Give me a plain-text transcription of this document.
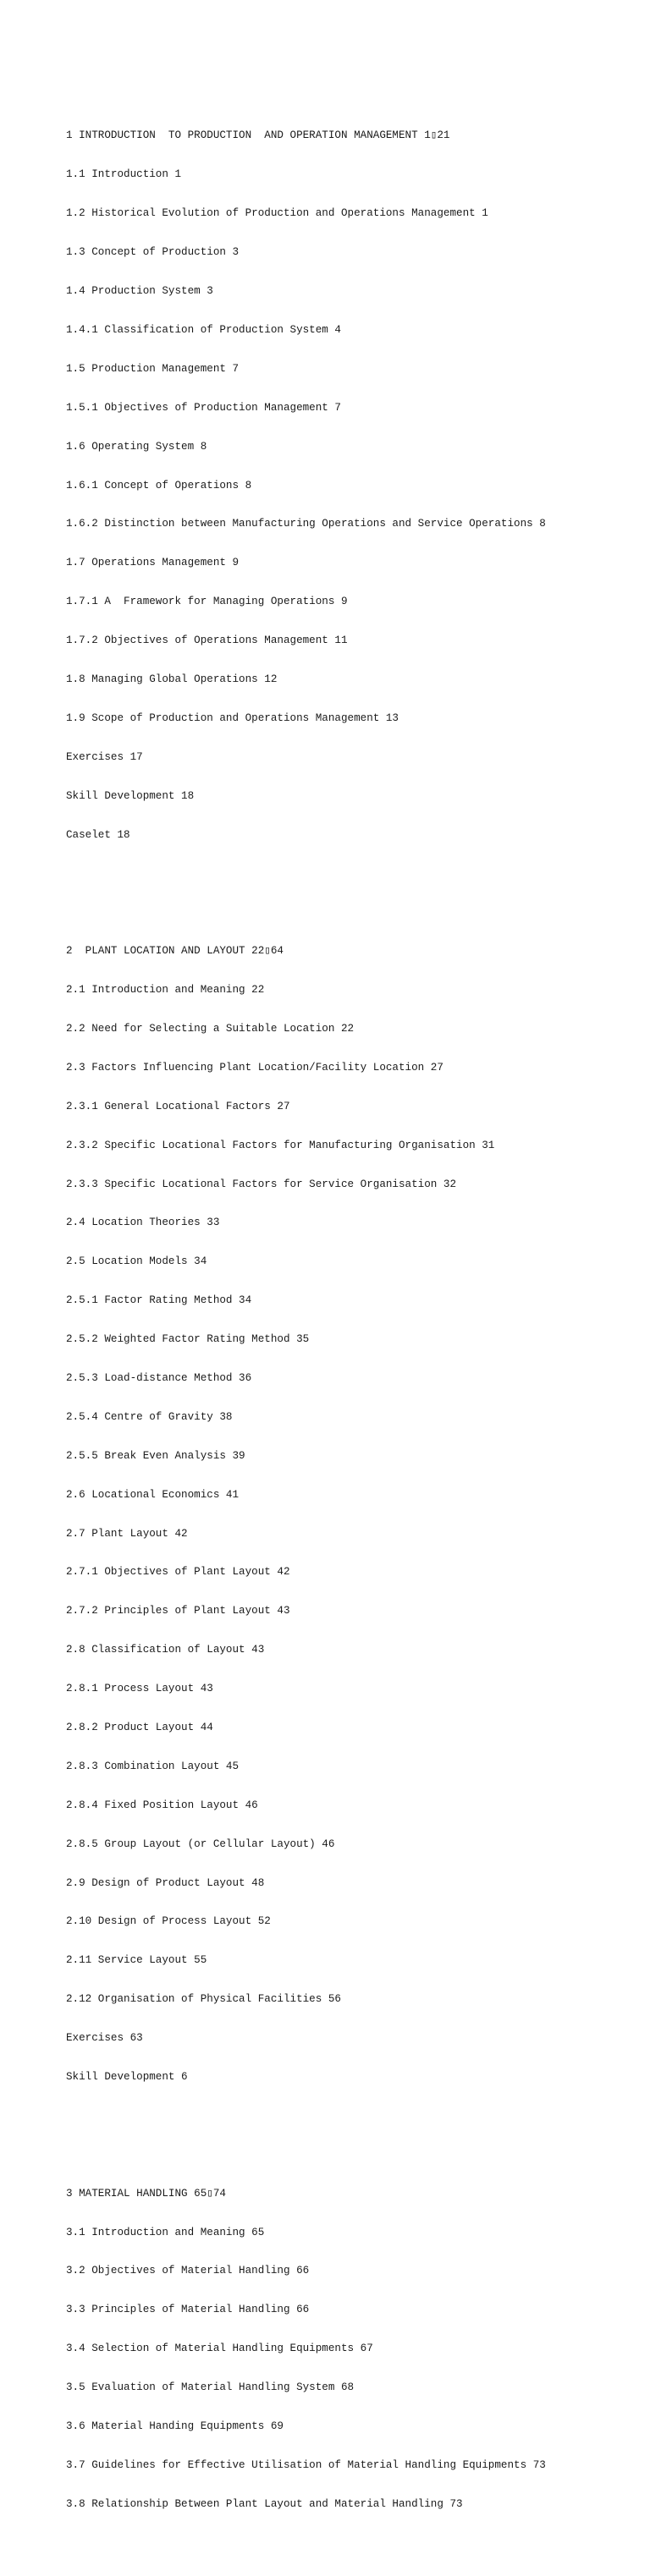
1 INTRODUCTION  TO PRODUCTION  AND OPERATION MANAGEMENT 1▯21

1.1 Introduction 1

1.2 Historical Evolution of Production and Operations Management 1

1.3 Concept of Production 3

1.4 Production System 3

1.4.1 Classification of Production System 4

1.5 Production Management 7

1.5.1 Objectives of Production Management 7

1.6 Operating System 8

1.6.1 Concept of Operations 8

1.6.2 Distinction between Manufacturing Operations and Service Operations 8

1.7 Operations Management 9

1.7.1 A  Framework for Managing Operations 9

1.7.2 Objectives of Operations Management 11

1.8 Managing Global Operations 12

1.9 Scope of Production and Operations Management 13

Exercises 17

Skill Development 18

Caselet 18

2  PLANT LOCATION AND LAYOUT 22▯64

2.1 Introduction and Meaning 22

2.2 Need for Selecting a Suitable Location 22

2.3 Factors Influencing Plant Location/Facility Location 27

2.3.1 General Locational Factors 27

2.3.2 Specific Locational Factors for Manufacturing Organisation 31

2.3.3 Specific Locational Factors for Service Organisation 32

2.4 Location Theories 33

2.5 Location Models 34

2.5.1 Factor Rating Method 34

2.5.2 Weighted Factor Rating Method 35

2.5.3 Load-distance Method 36

2.5.4 Centre of Gravity 38

2.5.5 Break Even Analysis 39

2.6 Locational Economics 41

2.7 Plant Layout 42

2.7.1 Objectives of Plant Layout 42

2.7.2 Principles of Plant Layout 43

2.8 Classification of Layout 43

2.8.1 Process Layout 43

2.8.2 Product Layout 44

2.8.3 Combination Layout 45

2.8.4 Fixed Position Layout 46

2.8.5 Group Layout (or Cellular Layout) 46

2.9 Design of Product Layout 48

2.10 Design of Process Layout 52

2.11 Service Layout 55

2.12 Organisation of Physical Facilities 56

Exercises 63

Skill Development 6

3 MATERIAL HANDLING 65▯74

3.1 Introduction and Meaning 65

3.2 Objectives of Material Handling 66

3.3 Principles of Material Handling 66

3.4 Selection of Material Handling Equipments 67

3.5 Evaluation of Material Handling System 68

3.6 Material Handing Equipments 69

3.7 Guidelines for Effective Utilisation of Material Handling Equipments 73

3.8 Relationship Between Plant Layout and Material Handling 73
